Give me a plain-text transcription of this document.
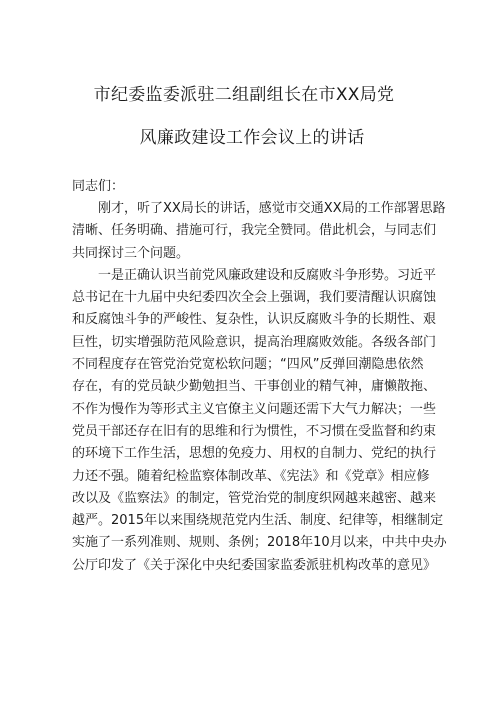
市纪委监委派驻二组副组长在市XX局党
风廉政建设工作会议上的讲话
同志们：
　　刚才，听了XX局长的讲话，感觉市交通XX局的工作部署思路
清晰、任务明确、措施可行，我完全赞同。借此机会，与同志们
共同探讨三个问题。
　　一是正确认识当前党风廉政建设和反腐败斗争形势。习近平
总书记在十九届中央纪委四次全会上强调，我们要清醒认识腐蚀
和反腐蚀斗争的严峻性、复杂性，认识反腐败斗争的长期性、艰
巨性，切实增强防范风险意识，提高治理腐败效能。各级各部门
不同程度存在管党治党宽松软问题；“四风”反弹回潮隐患依然
存在，有的党员缺少勤勉担当、干事创业的精气神，庸懒散拖、
不作为慢作为等形式主义官僚主义问题还需下大气力解决；一些
党员干部还存在旧有的思维和行为惯性，不习惯在受监督和约束
的环境下工作生活，思想的免疫力、用权的自制力、党纪的执行
力还不强。随着纪检监察体制改革、《宪法》和《党章》相应修
改以及《监察法》的制定，管党治党的制度织网越来越密、越来
越严。2015年以来围绕规范党内生活、制度、纪律等，相继制定
实施了一系列准则、规则、条例；2018年10月以来，中共中央办
公厅印发了《关于深化中央纪委国家监委派驻机构改革的意见》
